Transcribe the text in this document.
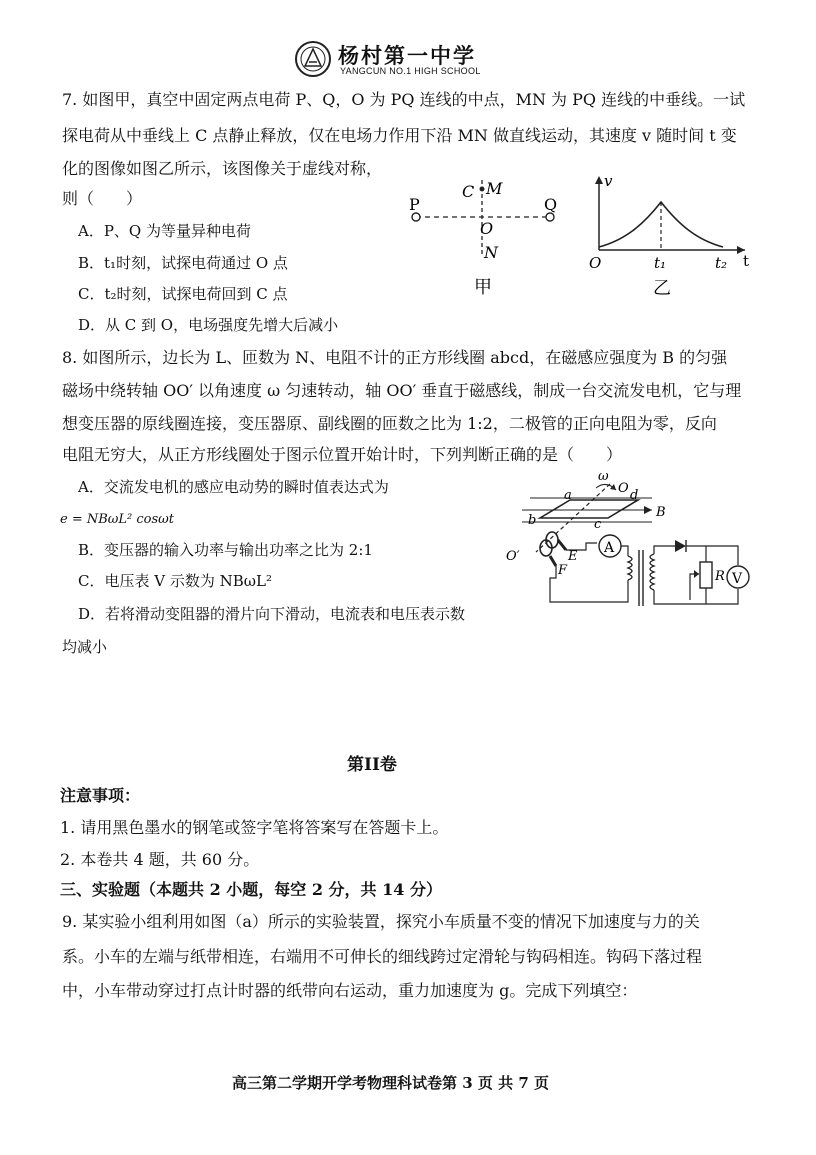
杨村第一中学
YANGCUN NO.1 HIGH SCHOOL
7. 如图甲，真空中固定两点电荷 P、Q，O 为 PQ 连线的中点，MN 为 PQ 连线的中垂线。一试
探电荷从中垂线上 C 点静止释放，仅在电场力作用下沿 MN 做直线运动，其速度 v 随时间 t 变
化的图像如图乙所示，该图像关于虚线对称，
则（　　）
A．P、Q 为等量异种电荷
B．t₁时刻，试探电荷通过 O 点
C．t₂时刻，试探电荷回到 C 点
D．从 C 到 O，电场强度先增大后减小
P	Q
C M
O
N
甲
v
t
O	t₁	t₂
乙
8. 如图所示，边长为 L、匝数为 N、电阻不计的正方形线圈 abcd，在磁感应强度为 B 的匀强
磁场中绕转轴 OO′ 以角速度 ω 匀速转动，轴 OO′ 垂直于磁感线，制成一台交流发电机，它与理
想变压器的原线圈连接，变压器原、副线圈的匝数之比为 1:2，二极管的正向电阻为零，反向
电阻无穷大，从正方形线圈处于图示位置开始计时，下列判断正确的是（　　）
A．交流发电机的感应电动势的瞬时值表达式为
e = NBωL² cosωt
B．变压器的输入功率与输出功率之比为 2:1
C．电压表 V 示数为 NBωL²
D．若将滑动变阻器的滑片向下滑动，电流表和电压表示数
均减小
A
R V
ω
O
a	d
b	c
B
O′	E
F
第II卷
注意事项：
1. 请用黑色墨水的钢笔或签字笔将答案写在答题卡上。
2. 本卷共 4 题，共 60 分。
三、实验题（本题共 2 小题，每空 2 分，共 14 分）
9. 某实验小组利用如图（a）所示的实验装置，探究小车质量不变的情况下加速度与力的关
系。小车的左端与纸带相连，右端用不可伸长的细线跨过定滑轮与钩码相连。钩码下落过程
中，小车带动穿过打点计时器的纸带向右运动，重力加速度为 g。完成下列填空：
高三第二学期开学考物理科试卷第 3 页 共 7 页
